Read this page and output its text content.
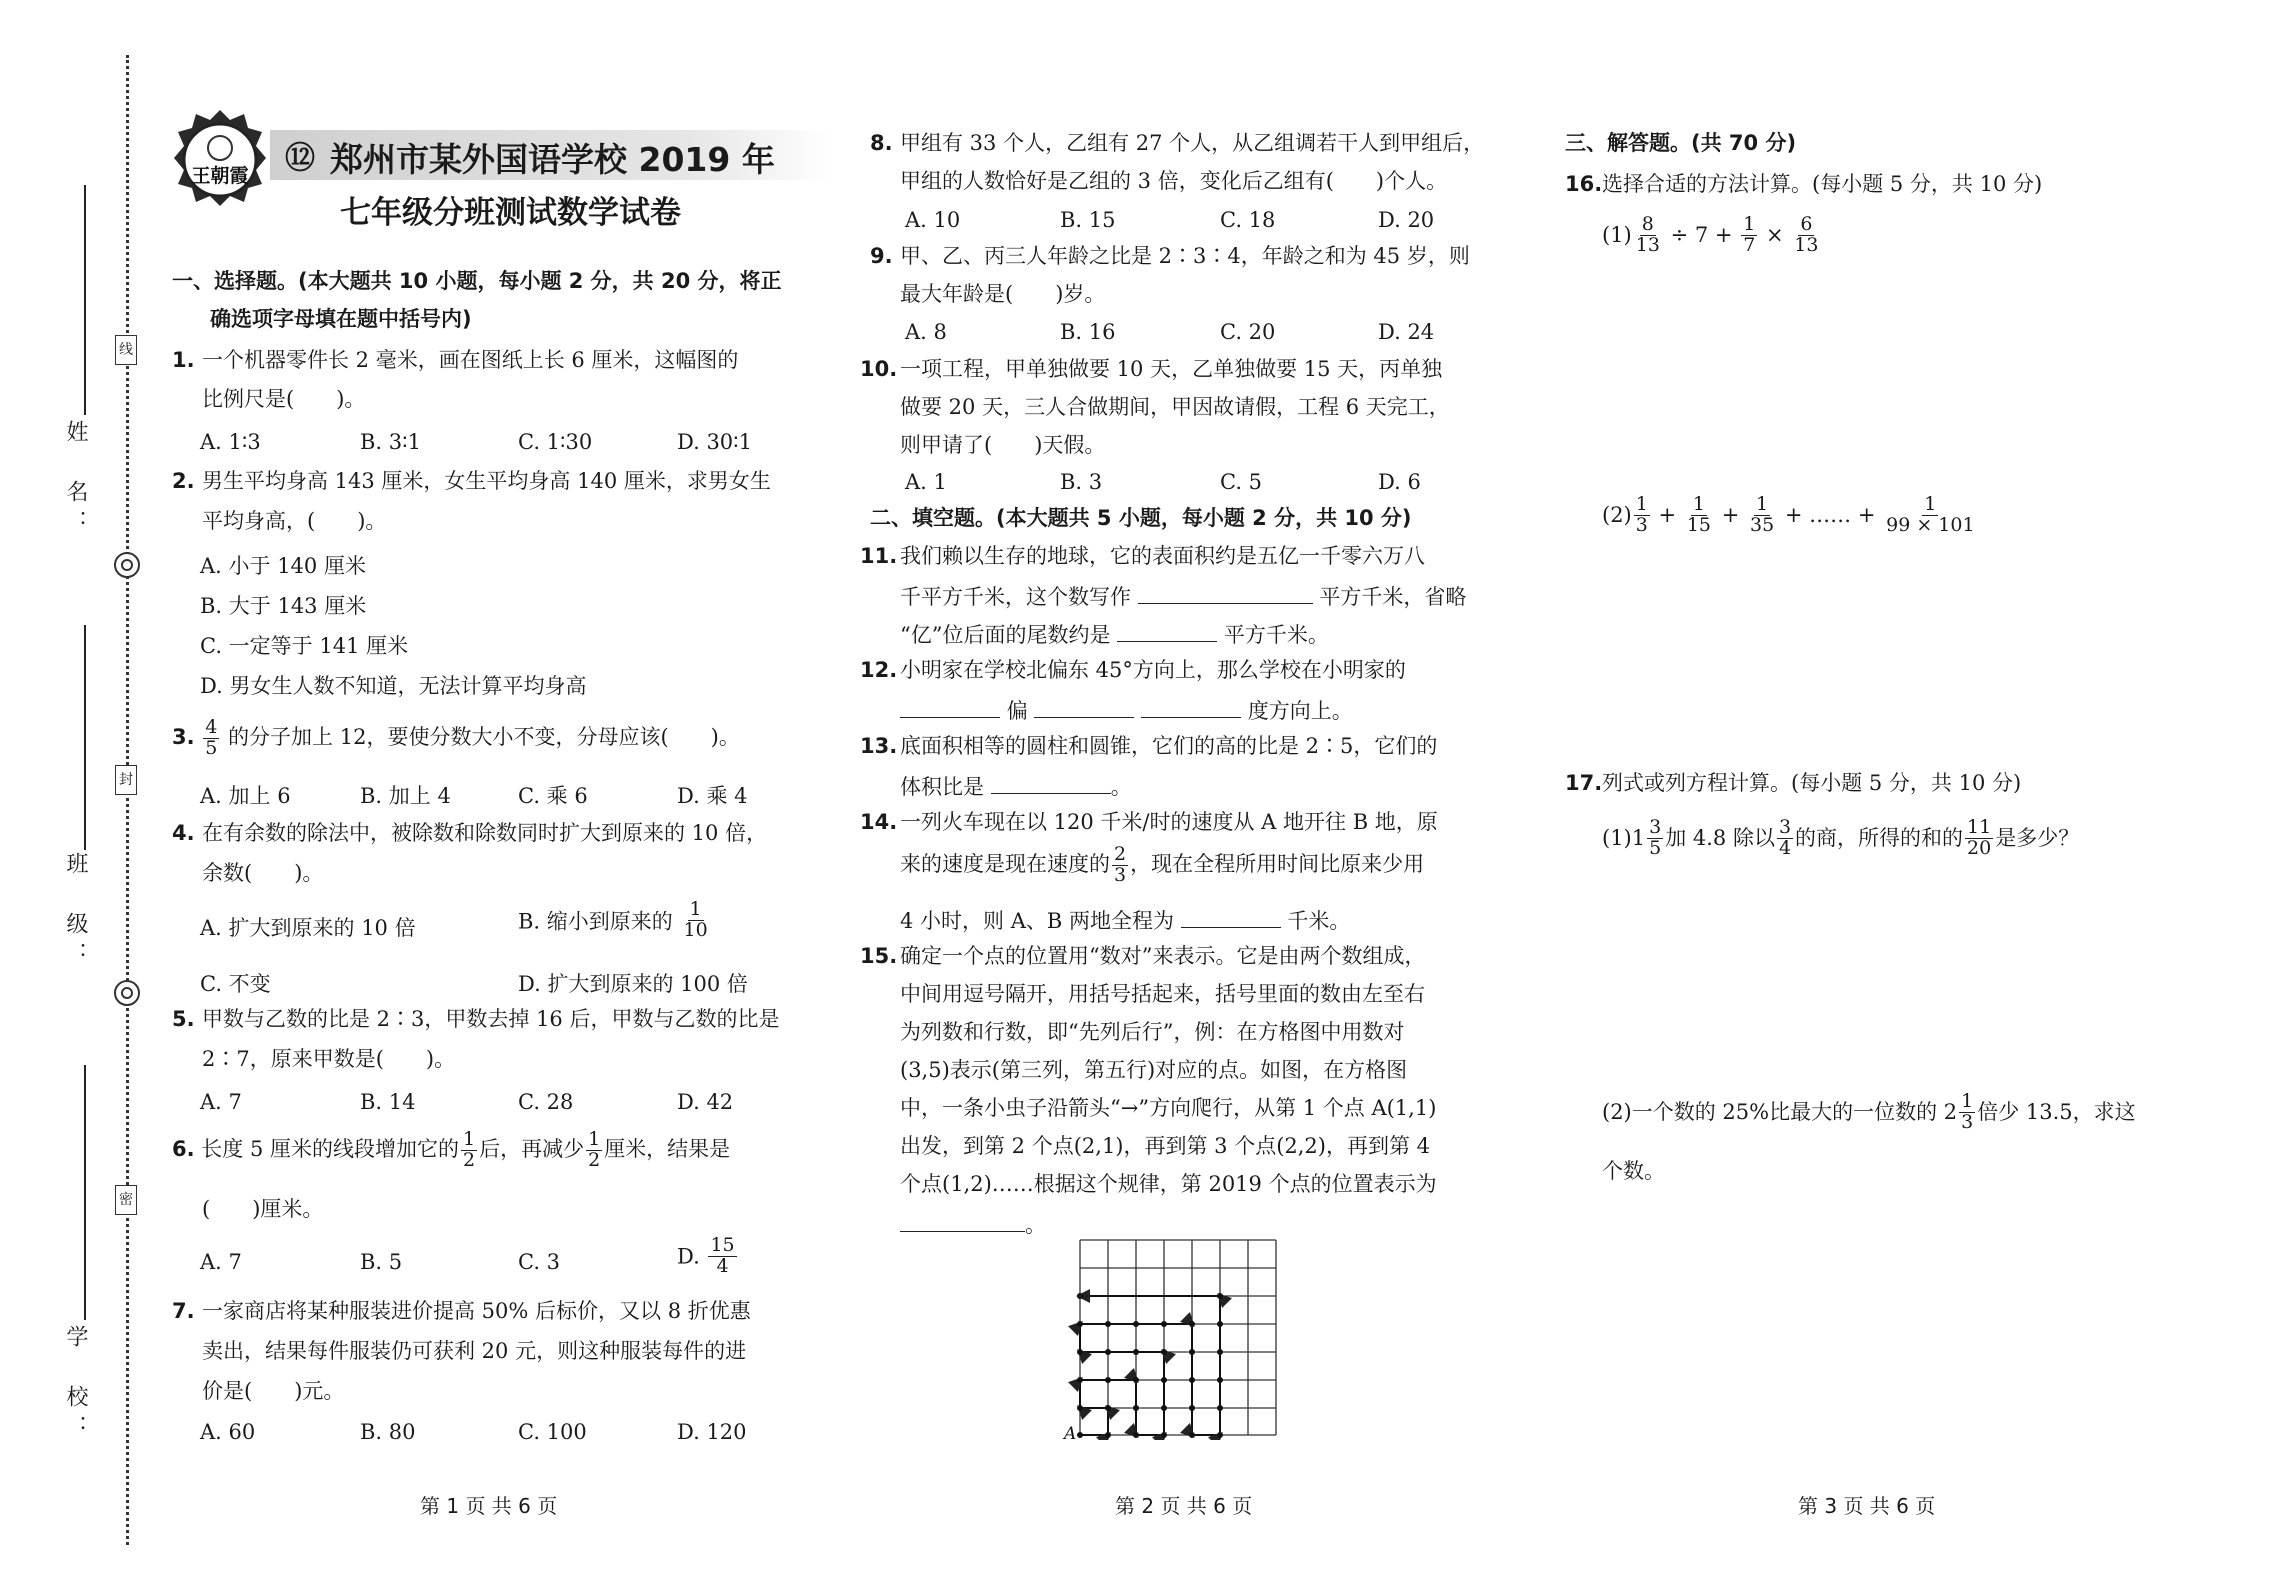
姓　名：
班　级：
学　校：
线
封
密
王朝霞 ⑫ 郑州市某外国语学校 2019 年
七年级分班测试数学试卷
一、选择题。(本大题共 10 小题，每小题 2 分，共 20 分，将正
确选项字母填在题中括号内)
1. 一个机器零件长 2 毫米，画在图纸上长 6 厘米，这幅图的
比例尺是(　　)。
A. 1∶3	B. 3∶1	C. 1∶30	D. 30∶1
2. 男生平均身高 143 厘米，女生平均身高 140 厘米，求男女生
平均身高，(　　)。
A. 小于 140 厘米
B. 大于 143 厘米
C. 一定等于 141 厘米
D. 男女生人数不知道，无法计算平均身高
3. $\frac{4}{5}$ 的分子加上 12，要使分数大小不变，分母应该(　　)。
A. 加上 6	B. 加上 4	C. 乘 6	D. 乘 4
4. 在有余数的除法中，被除数和除数同时扩大到原来的 10 倍，
余数(　　)。
A. 扩大到原来的 10 倍	B. 缩小到原来的 $\frac{1}{10}$
C. 不变	D. 扩大到原来的 100 倍
5. 甲数与乙数的比是 2∶3，甲数去掉 16 后，甲数与乙数的比是
2∶7，原来甲数是(　　)。
A. 7	B. 14	C. 28	D. 42
6. 长度 5 厘米的线段增加它的 $\frac{1}{2}$ 后，再减少 $\frac{1}{2}$ 厘米，结果是
(　　)厘米。
A. 7	B. 5	C. 3	D. $\frac{15}{4}$
7. 一家商店将某种服装进价提高 50% 后标价，又以 8 折优惠
卖出，结果每件服装仍可获利 20 元，则这种服装每件的进
价是(　　)元。
A. 60	B. 80	C. 100	D. 120
第 1 页 共 6 页
8. 甲组有 33 个人，乙组有 27 个人，从乙组调若干人到甲组后，
甲组的人数恰好是乙组的 3 倍，变化后乙组有(　　)个人。
A. 10	B. 15	C. 18	D. 20
9. 甲、乙、丙三人年龄之比是 2∶3∶4，年龄之和为 45 岁，则
最大年龄是(　　)岁。
A. 8	B. 16	C. 20	D. 24
10. 一项工程，甲单独做要 10 天，乙单独做要 15 天，丙单独
做要 20 天，三人合做期间，甲因故请假，工程 6 天完工，
则甲请了(　　)天假。
A. 1	B. 3	C. 5	D. 6
二、填空题。(本大题共 5 小题，每小题 2 分，共 10 分)
11. 我们赖以生存的地球，它的表面积约是五亿一千零六万八
千平方千米，这个数写作	平方千米，省略
“亿”位后面的尾数约是	平方千米。
12. 小明家在学校北偏东 45°方向上，那么学校在小明家的
偏	度方向上。
13. 底面积相等的圆柱和圆锥，它们的高的比是 2∶5，它们的
体积比是	。
14. 一列火车现在以 120 千米/时的速度从 A 地开往 B 地，原
来的速度是现在速度的 $\frac{2}{3}$ ，现在全程所用时间比原来少用
4 小时，则 A、B 两地全程为	千米。
15. 确定一个点的位置用“数对”来表示。它是由两个数组成，
中间用逗号隔开，用括号括起来，括号里面的数由左至右
为列数和行数，即“先列后行”，例：在方格图中用数对
(3,5)表示(第三列，第五行)对应的点。如图，在方格图
中，一条小虫子沿箭头“→”方向爬行，从第 1 个点 A(1,1)
出发，到第 2 个点(2,1)，再到第 3 个点(2,2)，再到第 4
个点(1,2)……根据这个规律，第 2019 个点的位置表示为
。
A
第 2 页 共 6 页
三、解答题。(共 70 分)
16. 选择合适的方法计算。(每小题 5 分，共 10 分)
$(1) \frac{8}{13} \div 7 + \frac{1}{7} \times \frac{6}{13}$
$(2) \frac{1}{3} + \frac{1}{15} + \frac{1}{35}$ + …… + $\frac{1}{99 \times 101}$
17. 列式或列方程计算。(每小题 5 分，共 10 分)
$(1)1 \frac{3}{5}$ 加 4.8 除以 $\frac{3}{4}$ 的商，所得的和的 $\frac{11}{20}$ 是多少？
(2)一个数的 25%比最大的一位数的 $2 \frac{1}{3}$ 倍少 13.5，求这
个数。
第 3 页 共 6 页
